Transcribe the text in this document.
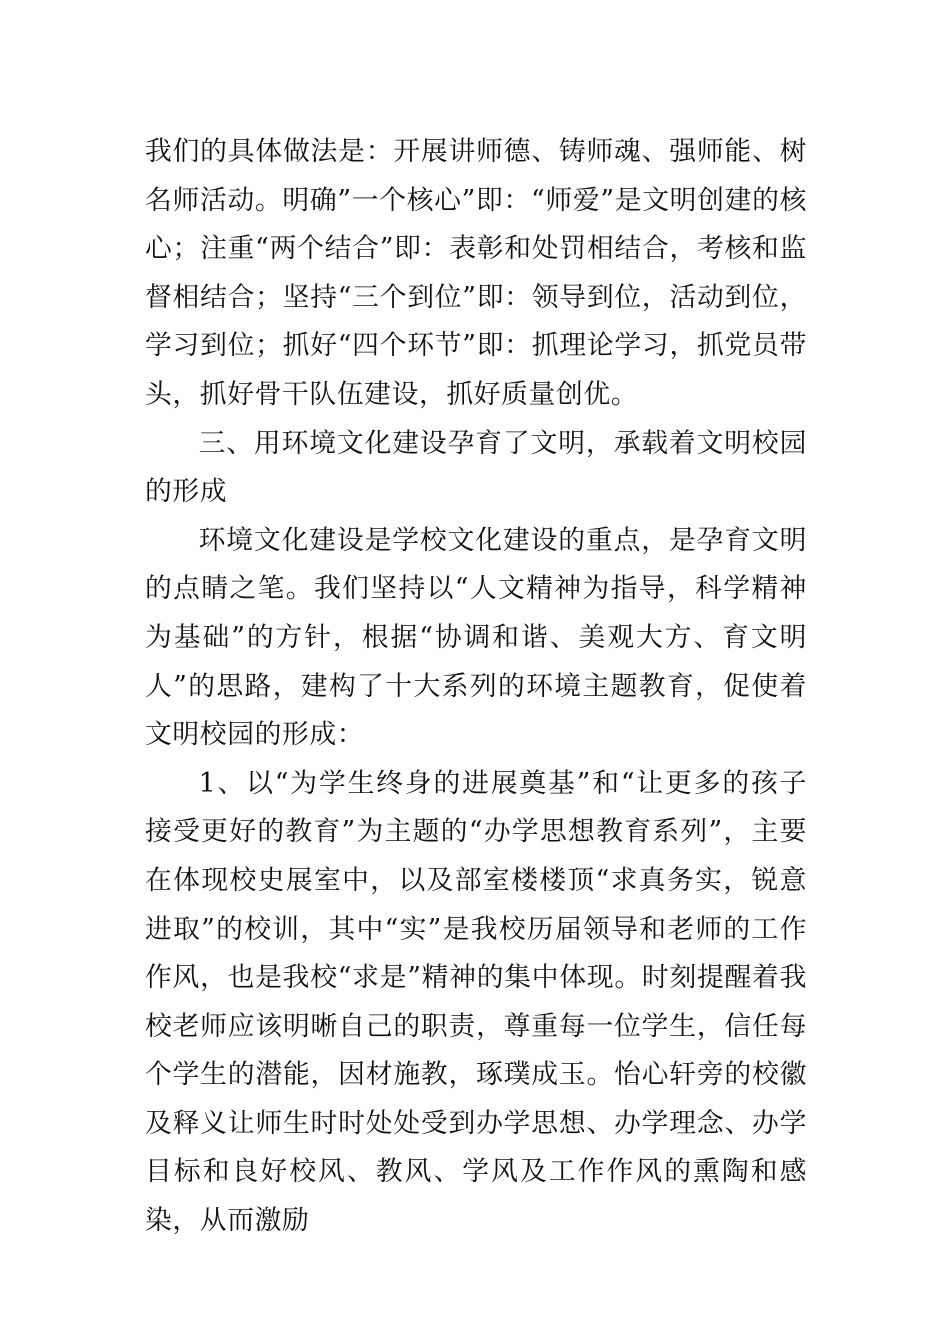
我们的具体做法是：开展讲师德、铸师魂、强师能、树名师活动。明确”一个核心”即：“师爱”是文明创建的核心；注重“两个结合”即：表彰和处罚相结合，考核和监督相结合；坚持“三个到位”即：领导到位，活动到位，学习到位；抓好“四个环节”即：抓理论学习，抓党员带头，抓好骨干队伍建设，抓好质量创优。

三、用环境文化建设孕育了文明，承载着文明校园的形成

环境文化建设是学校文化建设的重点，是孕育文明的点睛之笔。我们坚持以“人文精神为指导，科学精神为基础”的方针，根据“协调和谐、美观大方、育文明人”的思路，建构了十大系列的环境主题教育，促使着文明校园的形成：

1、以“为学生终身的进展奠基”和“让更多的孩子接受更好的教育”为主题的“办学思想教育系列”，主要在体现校史展室中，以及部室楼楼顶“求真务实，锐意进取”的校训，其中“实”是我校历届领导和老师的工作作风，也是我校“求是”精神的集中体现。时刻提醒着我校老师应该明晰自己的职责，尊重每一位学生，信任每个学生的潜能，因材施教，琢璞成玉。怡心轩旁的校徽及释义让师生时时处处受到办学思想、办学理念、办学目标和良好校风、教风、学风及工作作风的熏陶和感染，从而激励
